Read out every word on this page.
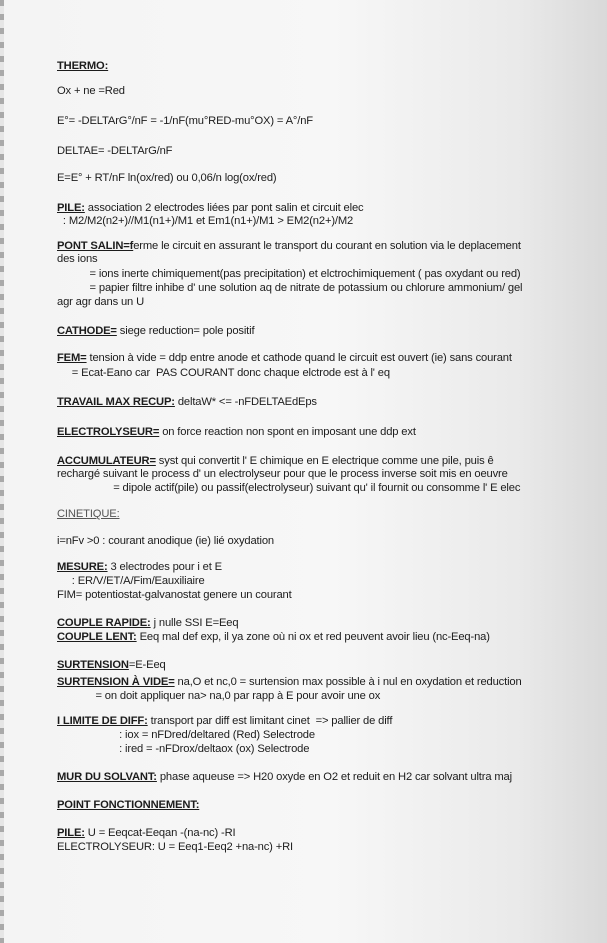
THERMO:
Ox + ne =Red
E°= -DELTArG°/nF = -1/nF(mu°RED-mu°OX) = A°/nF
DELTAE= -DELTArG/nF
E=E° + RT/nF ln(ox/red) ou 0,06/n log(ox/red)
PILE: association 2 electrodes liées par pont salin et circuit elec
: M2/M2(n2+)//M1(n1+)/M1 et Em1(n1+)/M1 > EM2(n2+)/M2
PONT SALIN=ferme le circuit en assurant le transport du courant en solution via le deplacement
des ions
= ions inerte chimiquement(pas precipitation) et elctrochimiquement ( pas oxydant ou red)
= papier filtre inhibe d' une solution aq de nitrate de potassium ou chlorure ammonium/ gel
agr agr dans un U
CATHODE= siege reduction= pole positif
FEM= tension à vide = ddp entre anode et cathode quand le circuit est ouvert (ie) sans courant
= Ecat-Eano car  PAS COURANT donc chaque elctrode est à l' eq
TRAVAIL MAX RECUP: deltaW* <= -nFDELTAEdEps
ELECTROLYSEUR= on force reaction non spont en imposant une ddp ext
ACCUMULATEUR= syst qui convertit l' E chimique en E electrique comme une pile, puis ê
rechargé suivant le process d' un electrolyseur pour que le process inverse soit mis en oeuvre
= dipole actif(pile) ou passif(electrolyseur) suivant qu' il fournit ou consomme l' E elec
CINETIQUE:
i=nFv >0 : courant anodique (ie) lié oxydation
MESURE: 3 electrodes pour i et E
: ER/V/ET/A/Fim/Eauxiliaire
FIM= potentiostat-galvanostat genere un courant
COUPLE RAPIDE: j nulle SSI E=Eeq
COUPLE LENT: Eeq mal def exp, il ya zone où ni ox et red peuvent avoir lieu (nc-Eeq-na)
SURTENSION=E-Eeq
SURTENSION À VIDE= na,O et nc,0 = surtension max possible à i nul en oxydation et reduction
= on doit appliquer na> na,0 par rapp à E pour avoir une ox
I LIMITE DE DIFF: transport par diff est limitant cinet  => pallier de diff
: iox = nFDred/deltared (Red) Selectrode
: ired = -nFDrox/deltaox (ox) Selectrode
MUR DU SOLVANT: phase aqueuse => H20 oxyde en O2 et reduit en H2 car solvant ultra maj
POINT FONCTIONNEMENT:
PILE: U = Eeqcat-Eeqan -(na-nc) -RI
ELECTROLYSEUR: U = Eeq1-Eeq2 +na-nc) +RI
